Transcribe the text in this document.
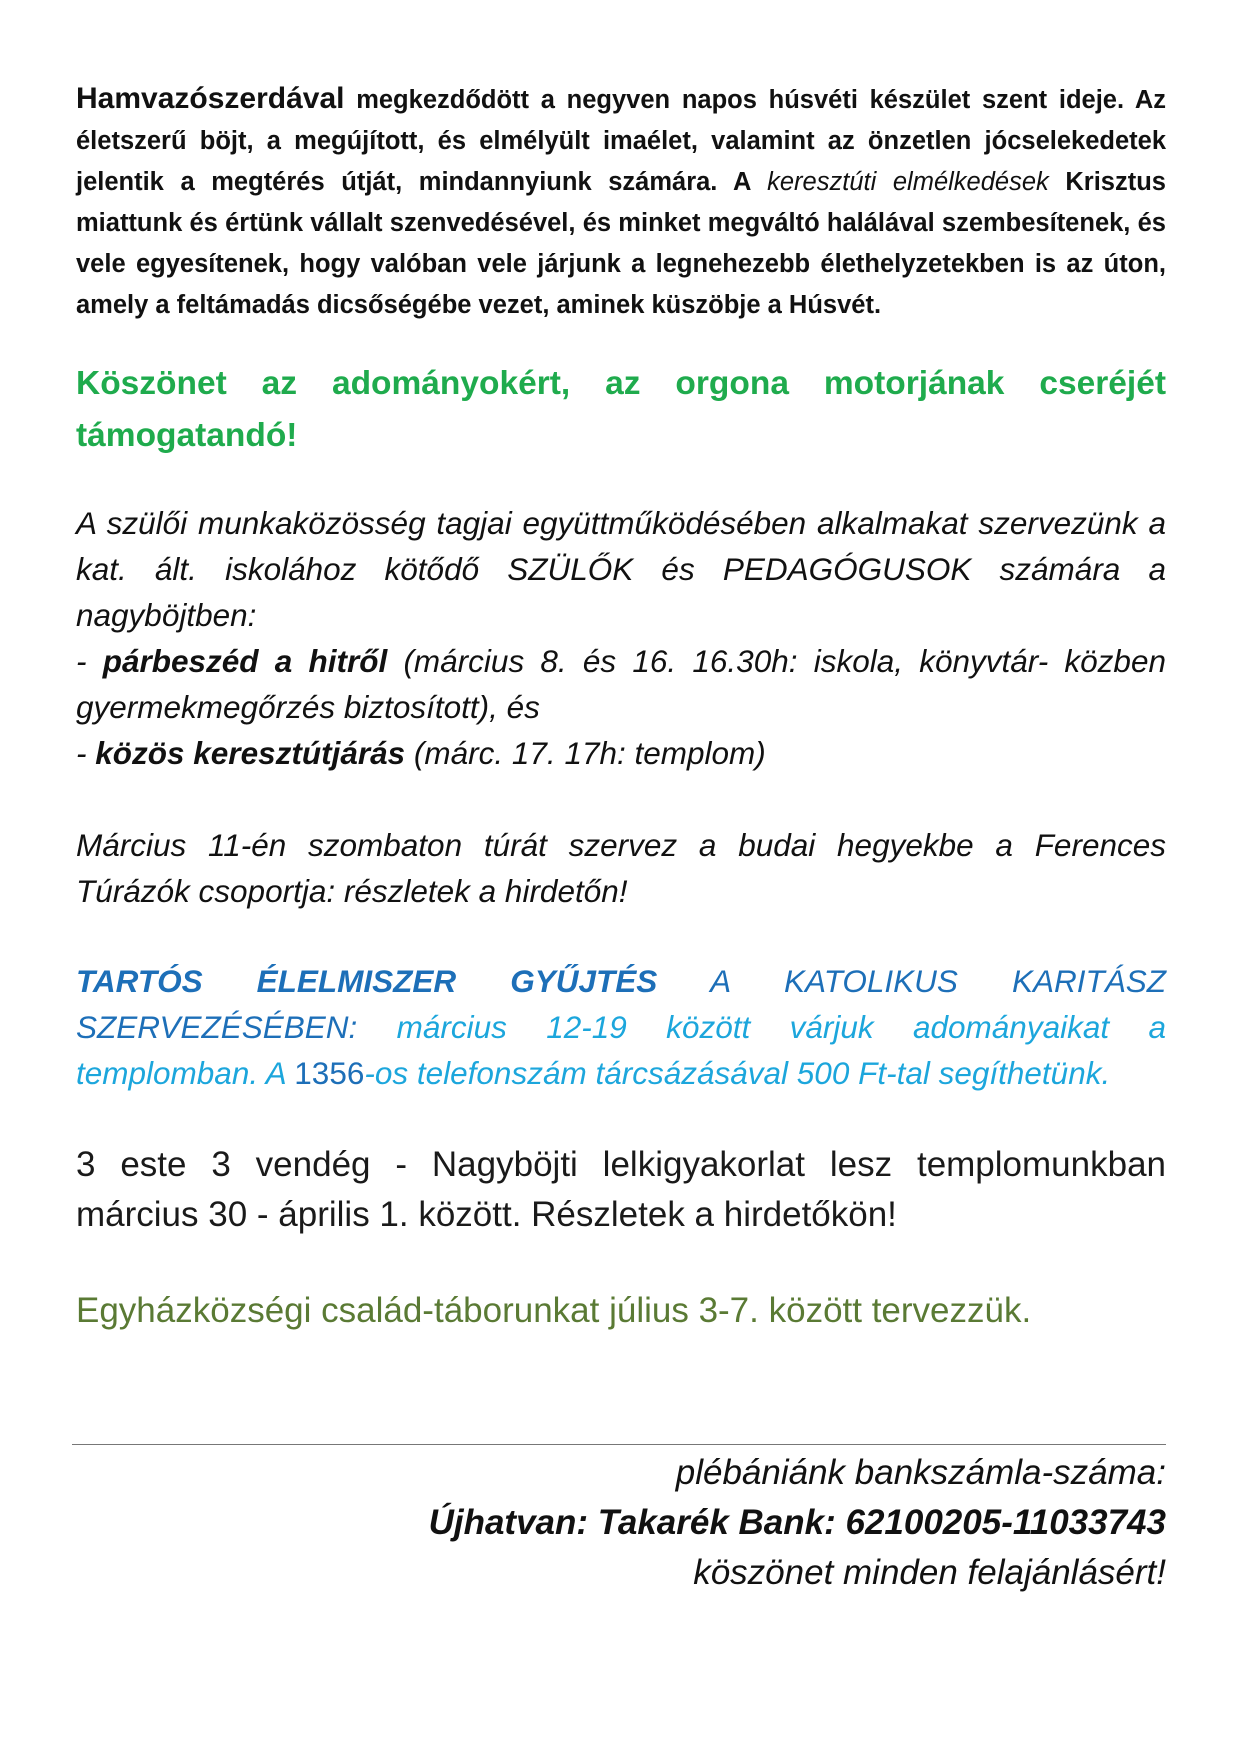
Hamvazószerdával megkezdődött a negyven napos húsvéti készület szent ideje. Az életszerű böjt, a megújított, és elmélyült imaélet, valamint az önzetlen jócselekedetek jelentik a megtérés útját, mindannyiunk számára. A keresztúti elmélkedések Krisztus miattunk és értünk vállalt szenvedésével, és minket megváltó halálával szembesítenek, és vele egyesítenek, hogy valóban vele járjunk a legnehezebb élethelyzetekben is az úton, amely a feltámadás dicsőségébe vezet, aminek küszöbje a Húsvét.

Köszönet az adományokért, az orgona motorjának cseréjét támogatandó!

A szülői munkaközösség tagjai együttműködésében alkalmakat szervezünk a kat. ált. iskolához kötődő SZÜLŐK és PEDAGÓGUSOK számára a nagyböjtben:
- párbeszéd a hitről (március 8. és 16. 16.30h: iskola, könyvtár- közben gyermekmegőrzés biztosított), és
- közös keresztútjárás (márc. 17. 17h: templom)

Március 11-én szombaton túrát szervez a budai hegyekbe a Ferences Túrázók csoportja: részletek a hirdetőn!

TARTÓS ÉLELMISZER GYŰJTÉS A KATOLIKUS KARITÁSZ SZERVEZÉSÉBEN: március 12-19 között várjuk adományaikat a templomban. A 1356-os telefonszám tárcsázásával 500 Ft-tal segíthetünk.

3 este 3 vendég - Nagyböjti lelkigyakorlat lesz templomunkban március 30 - április 1. között. Részletek a hirdetőkön!

Egyházközségi család-táborunkat július 3-7. között tervezzük.

plébániánk bankszámla-száma:
Újhatvan: Takarék Bank: 62100205-11033743
köszönet minden felajánlásért!
